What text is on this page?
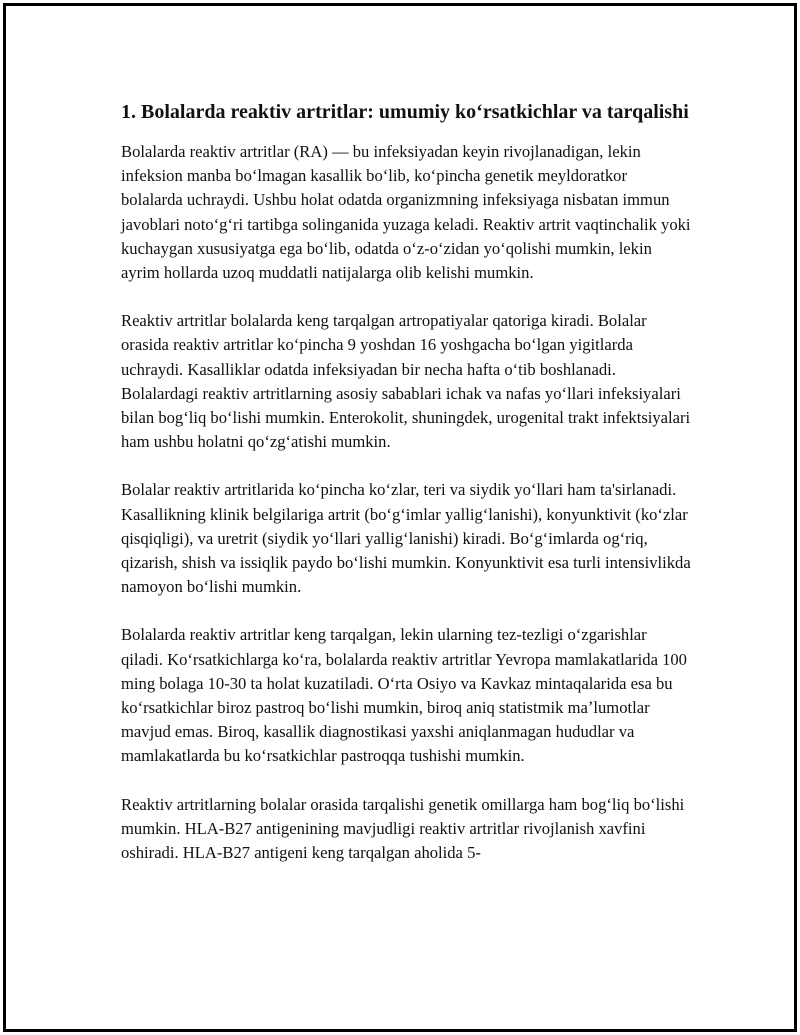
1. Bolalarda reaktiv artritlar: umumiy koʻrsatkichlar va tarqalishi

Bolalarda reaktiv artritlar (RA) — bu infeksiyadan keyin rivojlanadigan, lekin infeksion manba boʻlmagan kasallik boʻlib, koʻpincha genetik meyldoratkor bolalarda uchraydi. Ushbu holat odatda organizmning infeksiyaga nisbatan immun javoblari notoʻgʻri tartibga solinganida yuzaga keladi. Reaktiv artrit vaqtinchalik yoki kuchaygan xususiyatga ega boʻlib, odatda oʻz-oʻzidan yoʻqolishi mumkin, lekin ayrim hollarda uzoq muddatli natijalarga olib kelishi mumkin.

Reaktiv artritlar bolalarda keng tarqalgan artropatiyalar qatoriga kiradi. Bolalar orasida reaktiv artritlar koʻpincha 9 yoshdan 16 yoshgacha boʻlgan yigitlarda uchraydi. Kasalliklar odatda infeksiyadan bir necha hafta oʻtib boshlanadi. Bolalardagi reaktiv artritlarning asosiy sabablari ichak va nafas yoʻllari infeksiyalari bilan bogʻliq boʻlishi mumkin. Enterokolit, shuningdek, urogenital trakt infektsiyalari ham ushbu holatni qoʻzgʻatishi mumkin.

Bolalar reaktiv artritlarida koʻpincha koʻzlar, teri va siydik yoʻllari ham ta'sirlanadi. Kasallikning klinik belgilariga artrit (boʻgʻimlar yalligʻlanishi), konyunktivit (koʻzlar qisqiqligi), va uretrit (siydik yoʻllari yalligʻlanishi) kiradi. Boʻgʻimlarda ogʻriq, qizarish, shish va issiqlik paydo boʻlishi mumkin. Konyunktivit esa turli intensivlikda namoyon boʻlishi mumkin.

Bolalarda reaktiv artritlar keng tarqalgan, lekin ularning tez-tezligi oʻzgarishlar qiladi. Koʻrsatkichlarga koʻra, bolalarda reaktiv artritlar Yevropa mamlakatlarida 100 ming bolaga 10-30 ta holat kuzatiladi. Oʻrta Osiyo va Kavkaz mintaqalarida esa bu koʻrsatkichlar biroz pastroq boʻlishi mumkin, biroq aniq statistmik maʼlumotlar mavjud emas. Biroq, kasallik diagnostikasi yaxshi aniqlanmagan hududlar va mamlakatlarda bu koʻrsatkichlar pastroqqa tushishi mumkin.

Reaktiv artritlarning bolalar orasida tarqalishi genetik omillarga ham bogʻliq boʻlishi mumkin. HLA-B27 antigenining mavjudligi reaktiv artritlar rivojlanish xavfini oshiradi. HLA-B27 antigeni keng tarqalgan aholida 5-
